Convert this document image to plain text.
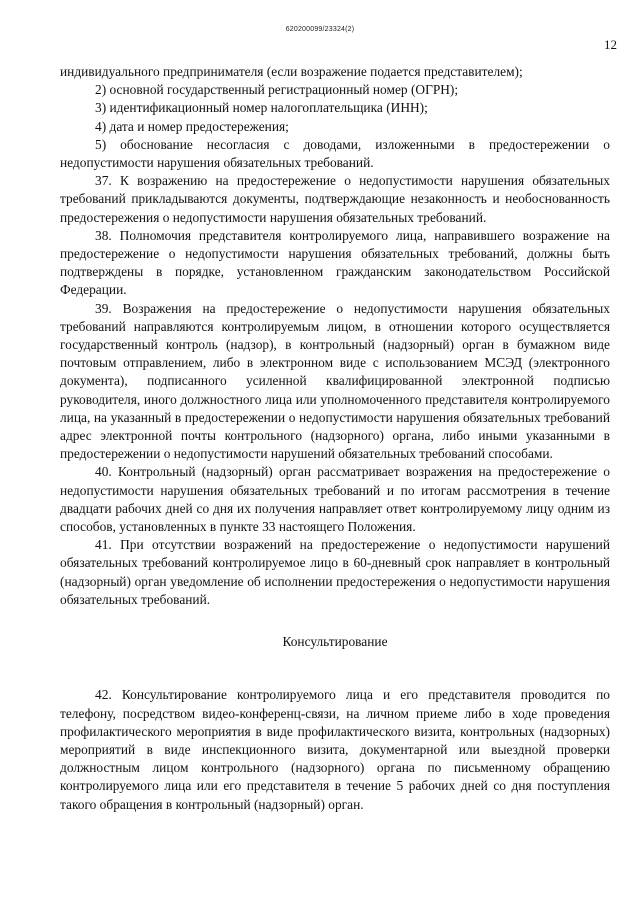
620200099/23324(2)
12

индивидуального предпринимателя (если возражение подается представителем);

2) основной государственный регистрационный номер (ОГРН);

3) идентификационный номер налогоплательщика (ИНН);

4) дата и номер предостережения;

5) обоснование несогласия с доводами, изложенными в предостережении о недопустимости нарушения обязательных требований.

37. К возражению на предостережение о недопустимости нарушения обязательных требований прикладываются документы, подтверждающие незаконность и необоснованность предостережения о недопустимости нарушения обязательных требований.

38. Полномочия представителя контролируемого лица, направившего возражение на предостережение о недопустимости нарушения обязательных требований, должны быть подтверждены в порядке, установленном гражданским законодательством Российской Федерации.

39. Возражения на предостережение о недопустимости нарушения обязательных требований направляются контролируемым лицом, в отношении которого осуществляется государственный контроль (надзор), в контрольный (надзорный) орган в бумажном виде почтовым отправлением, либо в электронном виде с использованием МСЭД (электронного документа), подписанного усиленной квалифицированной электронной подписью руководителя, иного должностного лица или уполномоченного представителя контролируемого лица, на указанный в предостережении о недопустимости нарушения обязательных требований адрес электронной почты контрольного (надзорного) органа, либо иными указанными в предостережении о недопустимости нарушений обязательных требований способами.

40. Контрольный (надзорный) орган рассматривает возражения на предостережение о недопустимости нарушения обязательных требований и по итогам рассмотрения в течение двадцати рабочих дней со дня их получения направляет ответ контролируемому лицу одним из способов, установленных в пункте 33 настоящего Положения.

41. При отсутствии возражений на предостережение о недопустимости нарушений обязательных требований контролируемое лицо в 60-дневный срок направляет в контрольный (надзорный) орган уведомление об исполнении предостережения о недопустимости нарушения обязательных требований.

Консультирование

42. Консультирование контролируемого лица и его представителя проводится по телефону, посредством видео-конференц-связи, на личном приеме либо в ходе проведения профилактического мероприятия в виде профилактического визита, контрольных (надзорных) мероприятий в виде инспекционного визита, документарной или выездной проверки должностным лицом контрольного (надзорного) органа по письменному обращению контролируемого лица или его представителя в течение 5 рабочих дней со дня поступления такого обращения в контрольный (надзорный) орган.
